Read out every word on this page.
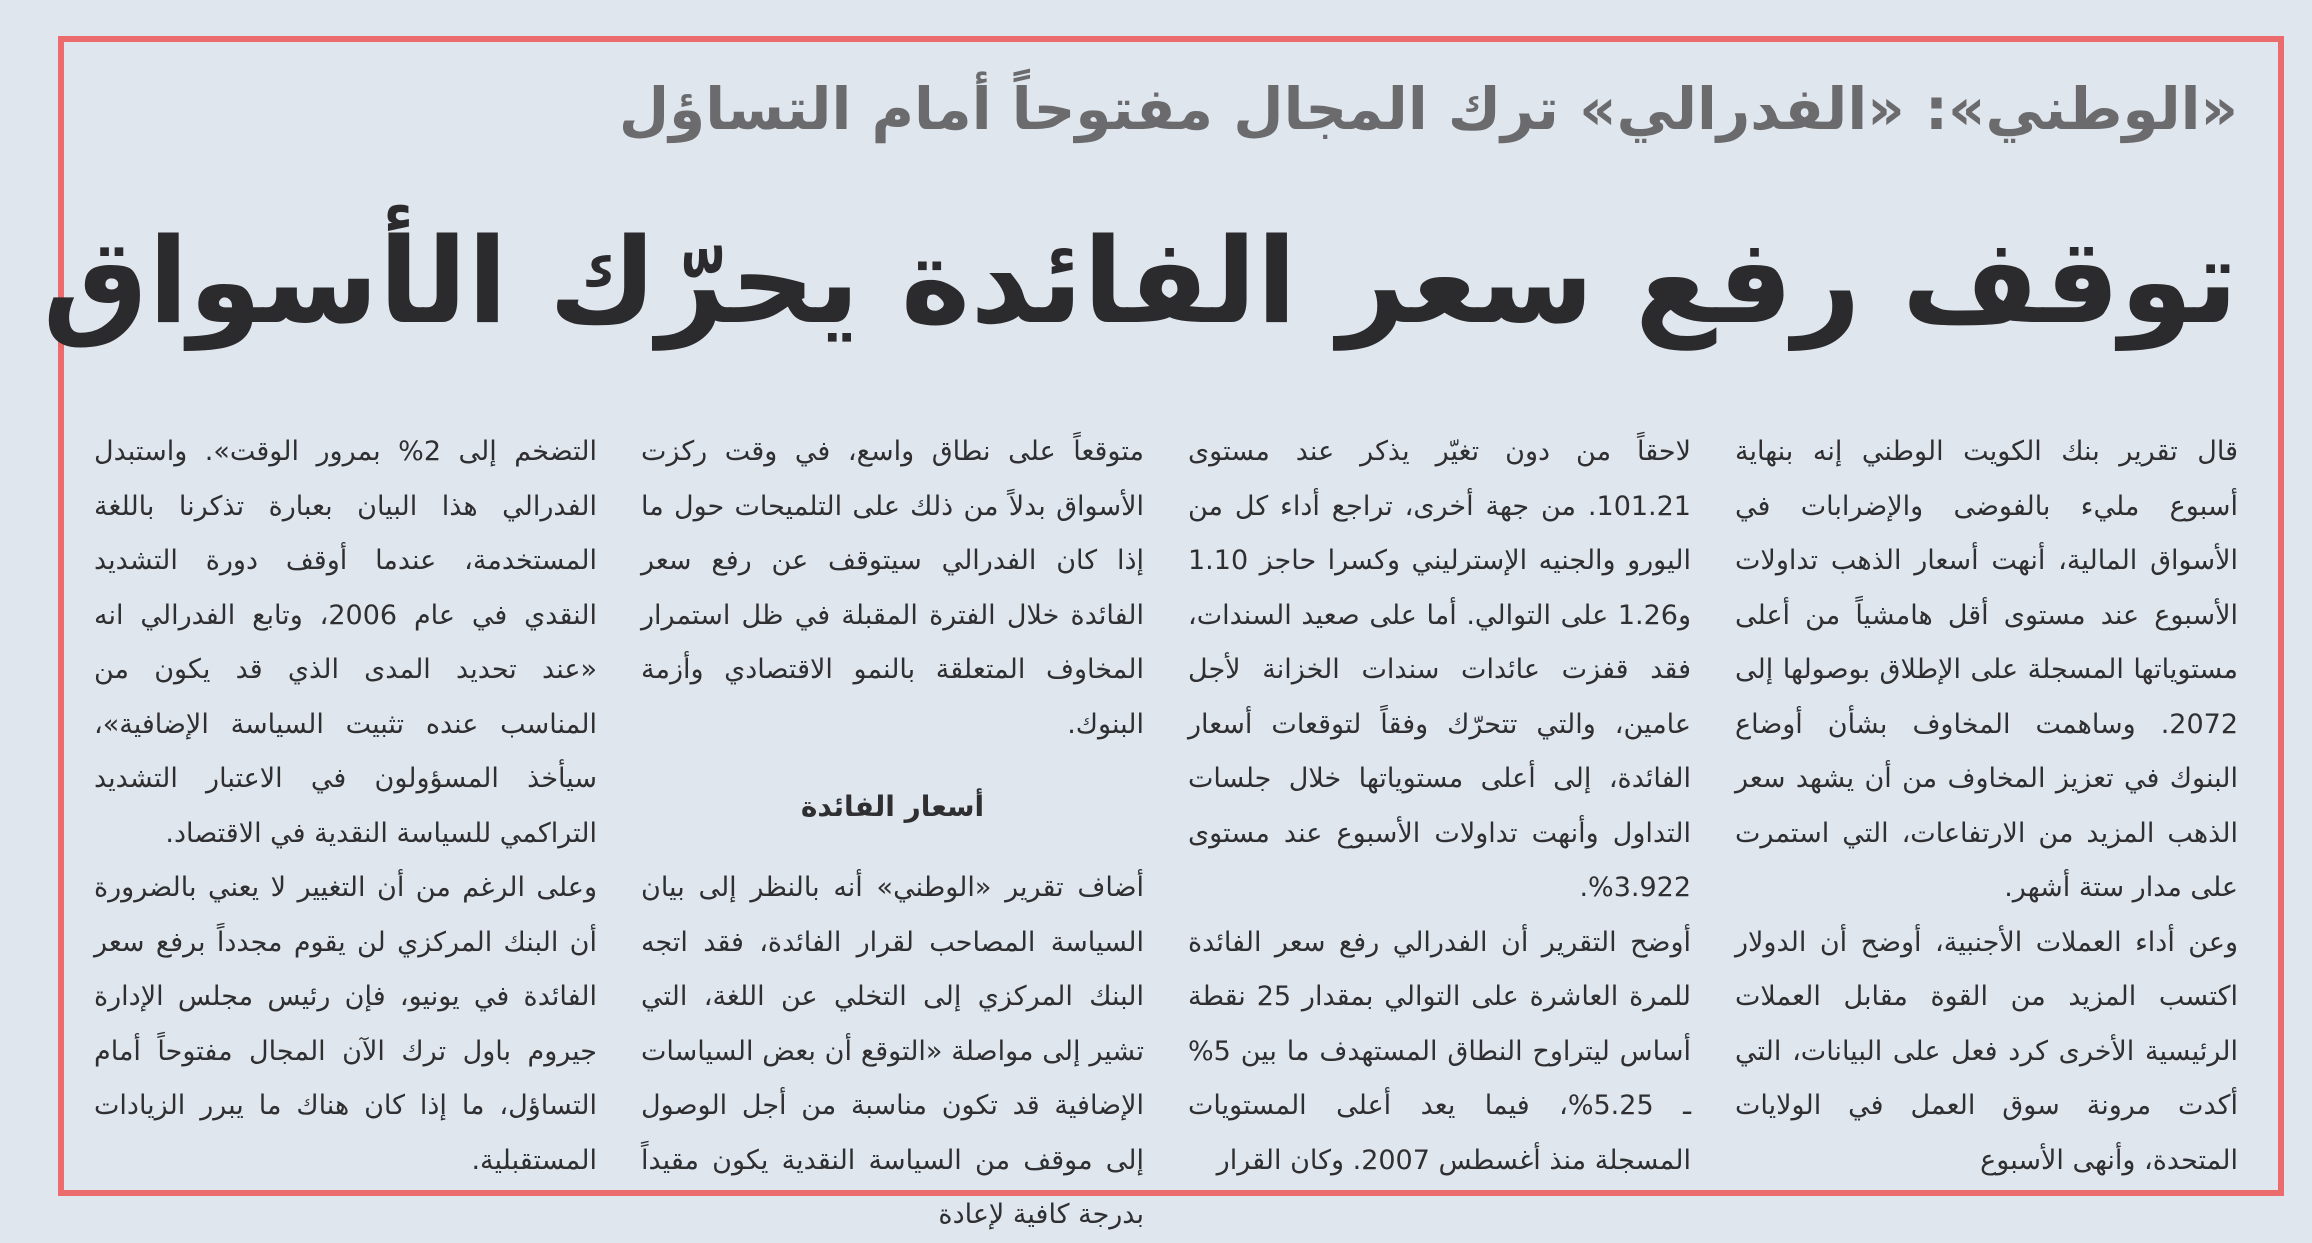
«الوطني»: «الفدرالي» ترك المجال مفتوحاً أمام التساؤل
توقف رفع سعر الفائدة يحرّك الأسواق

قال تقرير بنك الكويت الوطني إنه بنهاية أسبوع مليء بالفوضى والإضرابات في الأسواق المالية، أنهت أسعار الذهب تداولات الأسبوع عند مستوى أقل هامشياً من أعلى مستوياتها المسجلة على الإطلاق بوصولها إلى 2072. وساهمت المخاوف بشأن أوضاع البنوك في تعزيز المخاوف من أن يشهد سعر الذهب المزيد من الارتفاعات، التي استمرت على مدار ستة أشهر.

وعن أداء العملات الأجنبية، أوضح أن الدولار اكتسب المزيد من القوة مقابل العملات الرئيسية الأخرى كرد فعل على البيانات، التي أكدت مرونة سوق العمل في الولايات المتحدة، وأنهى الأسبوع

لاحقاً من دون تغيّر يذكر عند مستوى 101.21. من جهة أخرى، تراجع أداء كل من اليورو والجنيه الإسترليني وكسرا حاجز 1.10 و1.26 على التوالي. أما على صعيد السندات، فقد قفزت عائدات سندات الخزانة لأجل عامين، والتي تتحرّك وفقاً لتوقعات أسعار الفائدة، إلى أعلى مستوياتها خلال جلسات التداول وأنهت تداولات الأسبوع عند مستوى 3.922%.

أوضح التقرير أن الفدرالي رفع سعر الفائدة للمرة العاشرة على التوالي بمقدار 25 نقطة أساس ليتراوح النطاق المستهدف ما بين 5% ـ 5.25%، فيما يعد أعلى المستويات المسجلة منذ أغسطس 2007. وكان القرار

متوقعاً على نطاق واسع، في وقت ركزت الأسواق بدلاً من ذلك على التلميحات حول ما إذا كان الفدرالي سيتوقف عن رفع سعر الفائدة خلال الفترة المقبلة في ظل استمرار المخاوف المتعلقة بالنمو الاقتصادي وأزمة البنوك.

أسعار الفائدة

أضاف تقرير «الوطني» أنه بالنظر إلى بيان السياسة المصاحب لقرار الفائدة، فقد اتجه البنك المركزي إلى التخلي عن اللغة، التي تشير إلى مواصلة «التوقع أن بعض السياسات الإضافية قد تكون مناسبة من أجل الوصول إلى موقف من السياسة النقدية يكون مقيداً بدرجة كافية لإعادة

التضخم إلى 2% بمرور الوقت». واستبدل الفدرالي هذا البيان بعبارة تذكرنا باللغة المستخدمة، عندما أوقف دورة التشديد النقدي في عام 2006، وتابع الفدرالي انه «عند تحديد المدى الذي قد يكون من المناسب عنده تثبيت السياسة الإضافية»، سيأخذ المسؤولون في الاعتبار التشديد التراكمي للسياسة النقدية في الاقتصاد.

وعلى الرغم من أن التغيير لا يعني بالضرورة أن البنك المركزي لن يقوم مجدداً برفع سعر الفائدة في يونيو، فإن رئيس مجلس الإدارة جيروم باول ترك الآن المجال مفتوحاً أمام التساؤل، ما إذا كان هناك ما يبرر الزيادات المستقبلية.
